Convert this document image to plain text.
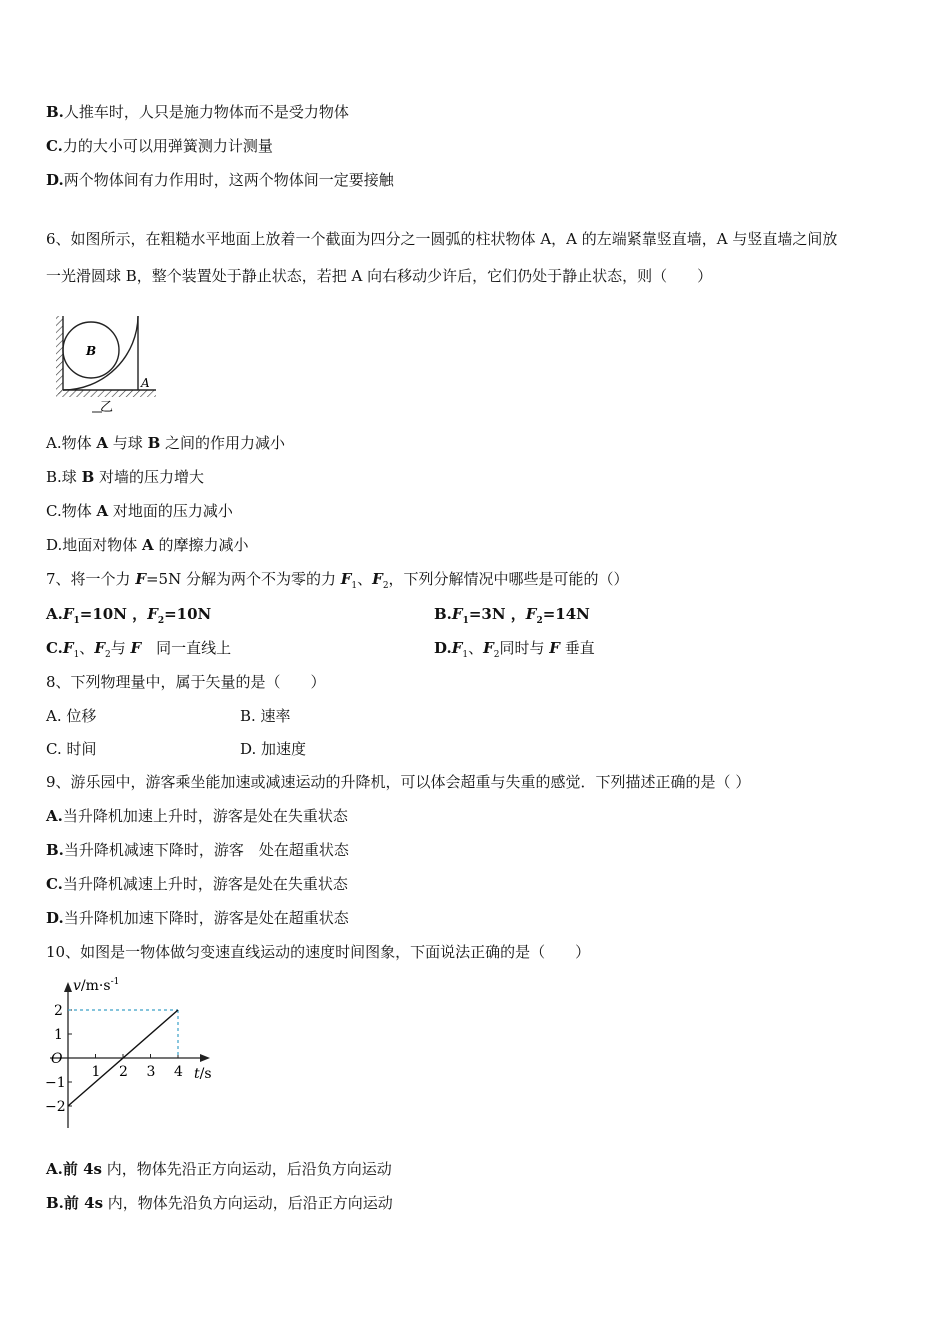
B.人推车时，人只是施力物体而不是受力物体
C.力的大小可以用弹簧测力计测量
D.两个物体间有力作用时，这两个物体间一定要接触
6、如图所示，在粗糙水平地面上放着一个截面为四分之一圆弧的柱状物体 A，A 的左端紧靠竖直墙，A 与竖直墙之间放
一光滑圆球 B，整个装置处于静止状态，若把 A 向右移动少许后，它们仍处于静止状态，则（　　）
B
A
乙
A.物体 A 与球 B 之间的作用力减小
B.球 B 对墙的压力增大
C.物体 A 对地面的压力减小
D.地面对物体 A 的摩擦力减小
7、将一个力 F=5N 分解为两个不为零的力 $F_1$、$F_2$，下列分解情况中哪些是可能的（）
$A.F_1=10N$ ，$F_2=10N$	$B.F_1=3N$ ，$F_2=14N$
$C.F_1$、$F_2$与 F　同一直线上	$D.F_1$、$F_2$同时与 F 垂直
8、下列物理量中，属于矢量的是（　　）
A. 位移	B. 速率
C. 时间	D. 加速度
9、游乐园中，游客乘坐能加速或减速运动的升降机，可以体会超重与失重的感觉．下列描述正确的是（ ）
A.当升降机加速上升时，游客是处在失重状态
B.当升降机减速下降时，游客　处在超重状态
C.当升降机减速上升时，游客是处在失重状态
D.当升降机加速下降时，游客是处在超重状态
10、如图是一物体做匀变速直线运动的速度时间图象，下面说法正确的是（　　）
$v/m\cdot s^{-1}$
t/s
O
1 2 3 4
2
1
−1
−2
A.前 4s 内，物体先沿正方向运动，后沿负方向运动
B.前 4s 内，物体先沿负方向运动，后沿正方向运动
